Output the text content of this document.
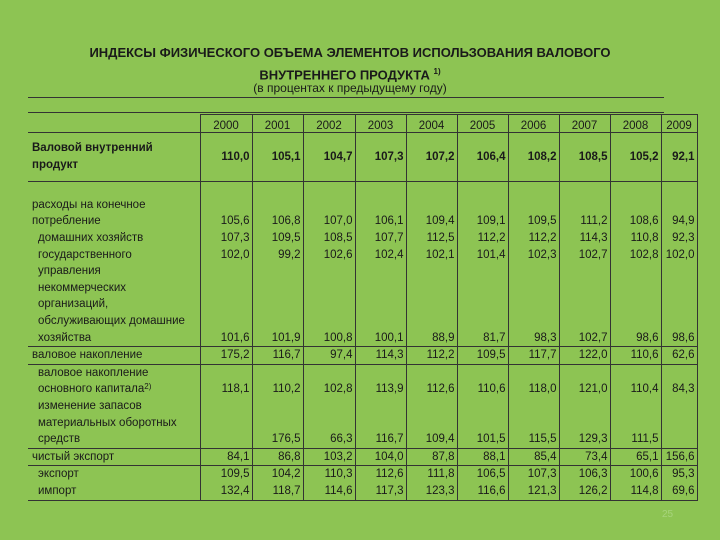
ИНДЕКСЫ ФИЗИЧЕСКОГО ОБЪЕМА ЭЛЕМЕНТОВ ИСПОЛЬЗОВАНИЯ ВАЛОВОГО
ВНУТРЕННЕГО ПРОДУКТА $^{1)}$
(в процентах к предыдущему году)
	2000	2001	2002	2003	2004	2005	2006	2007	2008	2009
Валовой внутренний продукт	110,0	105,1	104,7	107,3	107,2	106,4	108,2	108,5	105,2	92,1
расходы на конечное потребление	105,6	106,8	107,0	106,1	109,4	109,1	109,5	111,2	108,6	94,9
домашних хозяйств	107,3	109,5	108,5	107,7	112,5	112,2	112,2	114,3	110,8	92,3
государственного управления	102,0	99,2	102,6	102,4	102,1	101,4	102,3	102,7	102,8	102,0
некоммерческих организаций, обслуживающих домашние хозяйства	101,6	101,9	100,8	100,1	88,9	81,7	98,3	102,7	98,6	98,6
валовое накопление	175,2	116,7	97,4	114,3	112,2	109,5	117,7	122,0	110,6	62,6
валовое накопление основного капитала$^{2)}$	118,1	110,2	102,8	113,9	112,6	110,6	118,0	121,0	110,4	84,3
изменение запасов материальных оборотных средств		176,5	66,3	116,7	109,4	101,5	115,5	129,3	111,5	
чистый экспорт	84,1	86,8	103,2	104,0	87,8	88,1	85,4	73,4	65,1	156,6
экспорт	109,5	104,2	110,3	112,6	111,8	106,5	107,3	106,3	100,6	95,3
импорт	132,4	118,7	114,6	117,3	123,3	116,6	121,3	126,2	114,8	69,6
25
